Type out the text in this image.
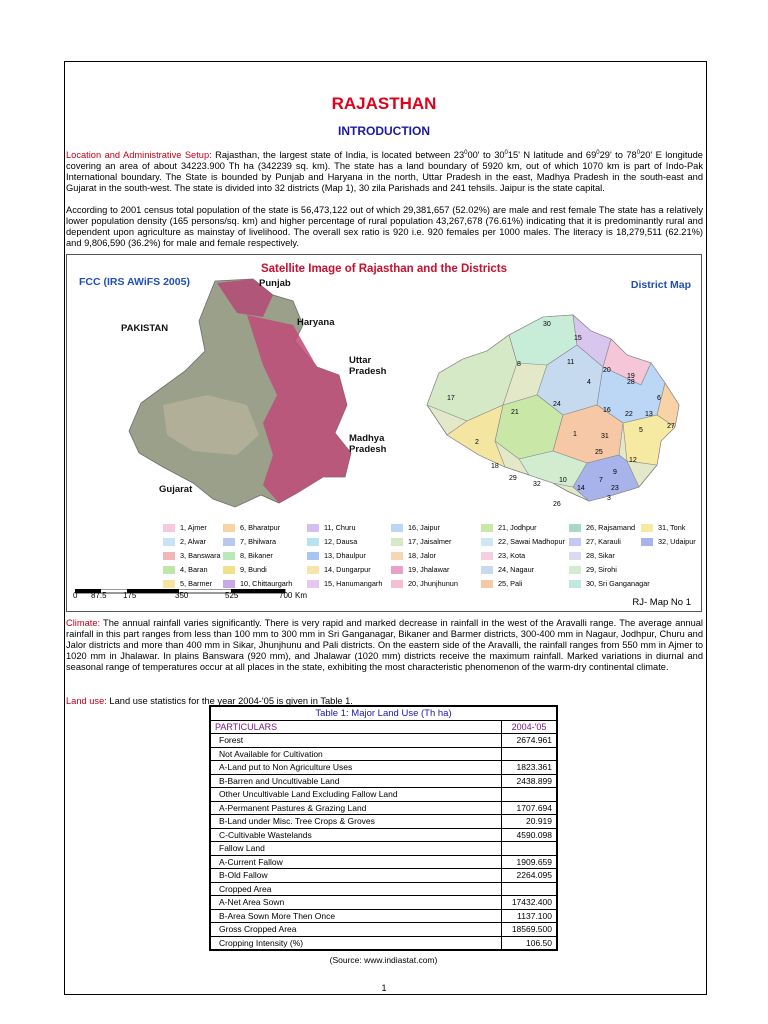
RAJASTHAN
INTRODUCTION

Location and Administrative Setup: Rajasthan, the largest state of India, is located between $23^000'$ to $30^015'$ N latitude and $69^029'$ to $78^020'$ E longitude covering an area of about 34223.900 Th ha (342239 sq. km). The state has a land boundary of 5920 km, out of which 1070 km is part of Indo-Pak International boundary. The State is bounded by Punjab and Haryana in the north, Uttar Pradesh in the east, Madhya Pradesh in the south-east and Gujarat in the south-west. The state is divided into 32 districts (Map 1), 30 zila Parishads and 241 tehsils. Jaipur is the state capital.

According to 2001 census total population of the state is 56,473,122 out of which 29,381,657 (52.02%) are male and rest female The state has a relatively lower population density (165 persons/sq. km) and higher percentage of rural population 43,267,678 (76.61%) indicating that it is predominantly rural and dependent upon agriculture as mainstay of livelihood. The overall sex ratio is 920 i.e. 920 females per 1000 males. The literacy is 18,279,511 (62.21%) and 9,806,590 (36.2%) for male and female respectively.

Satellite Image of Rajasthan and the Districts
FCC (IRS AWiFS 2005)	District Map
Punjab
Haryana
PAKISTAN
Uttar
Pradesh
Madhya
Pradesh
Gujarat
30
15
8	11
20
24
19
17
21	16
22 13
6
1
2
5
25
31
27
18
7
9
29
32
10
23
14
26
3
12
28
4
1, Ajmer
2, Alwar
3, Banswara
4, Baran
5, Barmer
6, Bharatpur
7, Bhilwara
8, Bikaner
9, Bundi
10, Chittaurgarh
11, Churu
12, Dausa
13, Dhaulpur
14, Dungarpur
15, Hanumangarh
16, Jaipur
17, Jaisalmer
18, Jalor
19, Jhalawar
20, Jhunjhunun
21, Jodhpur
22, Sawai Madhopur
23, Kota
24, Nagaur
25, Pali
26, Rajsamand
27, Karauli
28, Sikar
29, Sirohi
30, Sri Ganganagar
31, Tonk
32, Udaipur
0 87.5 175	350	525	700 Km
RJ- Map No 1

Climate: The annual rainfall varies significantly. There is very rapid and marked decrease in rainfall in the west of the Aravalli range. The average annual rainfall in this part ranges from less than 100 mm to 300 mm in Sri Ganganagar, Bikaner and Barmer districts, 300-400 mm in Nagaur, Jodhpur, Churu and Jalor districts and more than 400 mm in Sikar, Jhunjhunu and Pali districts. On the eastern side of the Aravalli, the rainfall ranges from 550 mm in Ajmer to 1020 mm in Jhalawar. In plains Banswara (920 mm), and Jhalawar (1020 mm) districts receive the maximum rainfall. Marked variations in diurnal and seasonal range of temperatures occur at all places in the state, exhibiting the most characteristic phenomenon of the warm-dry continental climate.

Land use: Land use statistics for the year 2004-'05 is given in Table 1.

Table 1: Major Land Use (Th ha)	
PARTICULARS	2004-'05
Forest	2674.961
Not Available for Cultivation	
A-Land put to Non Agriculture Uses	1823.361
B-Barren and Uncultivable Land	2438.899
Other Uncultivable Land Excluding Fallow Land	
A-Permanent Pastures & Grazing Land	1707.694
B-Land under Misc. Tree Crops & Groves	20.919
C-Cultivable Wastelands	4590.098
Fallow Land	
A-Current Fallow	1909.659
B-Old Fallow	2264.095
Cropped Area	
A-Net Area Sown	17432.400
B-Area Sown More Then Once	1137.100
Gross Cropped Area	18569.500
Cropping Intensity (%)	106.50
(Source: www.indiastat.com)
1
